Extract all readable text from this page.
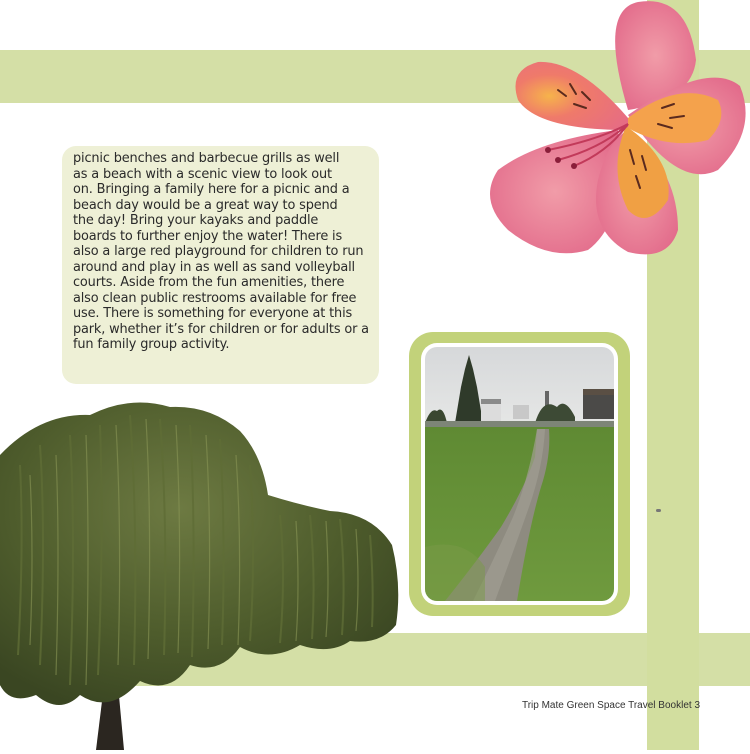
picnic benches and barbecue grills as well
as a beach with a scenic view to look out
on. Bringing a family here for a picnic and a
beach day would be a great way to spend
the day! Bring your kayaks and paddle
boards to further enjoy the water! There is
also a large red playground for children to run
around and play in as well as sand volleyball
courts. Aside from the fun amenities, there
also clean public restrooms available for free
use. There is something for everyone at this
park, whether it’s for children or for adults or a
fun family group activity.

Trip Mate Green Space Travel Booklet 3
